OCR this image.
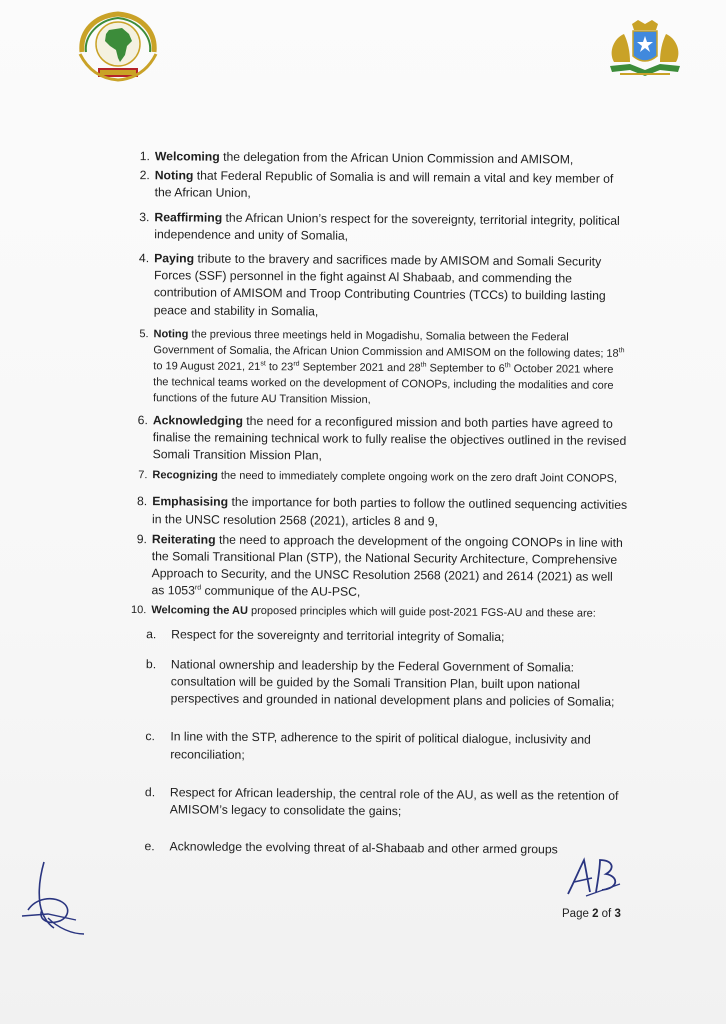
1. Welcoming the delegation from the African Union Commission and AMISOM,
2. Noting that Federal Republic of Somalia is and will remain a vital and key member of the African Union,
3. Reaffirming the African Union’s respect for the sovereignty, territorial integrity, political independence and unity of Somalia,
4. Paying tribute to the bravery and sacrifices made by AMISOM and Somali Security Forces (SSF) personnel in the fight against Al Shabaab, and commending the contribution of AMISOM and Troop Contributing Countries (TCCs) to building lasting peace and stability in Somalia,
5. Noting the previous three meetings held in Mogadishu, Somalia between the Federal Government of Somalia, the African Union Commission and AMISOM on the following dates; 18th to 19 August 2021, 21st to 23rd September 2021 and 28th September to 6th October 2021 where the technical teams worked on the development of CONOPs, including the modalities and core functions of the future AU Transition Mission,
6. Acknowledging the need for a reconfigured mission and both parties have agreed to finalise the remaining technical work to fully realise the objectives outlined in the revised Somali Transition Mission Plan,
7. Recognizing the need to immediately complete ongoing work on the zero draft Joint CONOPS,
8. Emphasising the importance for both parties to follow the outlined sequencing activities in the UNSC resolution 2568 (2021), articles 8 and 9,
9. Reiterating the need to approach the development of the ongoing CONOPs in line with the Somali Transitional Plan (STP), the National Security Architecture, Comprehensive Approach to Security, and the UNSC Resolution 2568 (2021) and 2614 (2021) as well as 1053rd communique of the AU-PSC,
10. Welcoming the AU proposed principles which will guide post-2021 FGS-AU and these are:
a. Respect for the sovereignty and territorial integrity of Somalia;
b. National ownership and leadership by the Federal Government of Somalia: consultation will be guided by the Somali Transition Plan, built upon national perspectives and grounded in national development plans and policies of Somalia;
c. In line with the STP, adherence to the spirit of political dialogue, inclusivity and reconciliation;
d. Respect for African leadership, the central role of the AU, as well as the retention of AMISOM’s legacy to consolidate the gains;
e. Acknowledge the evolving threat of al-Shabaab and other armed groups
Page 2 of 3
